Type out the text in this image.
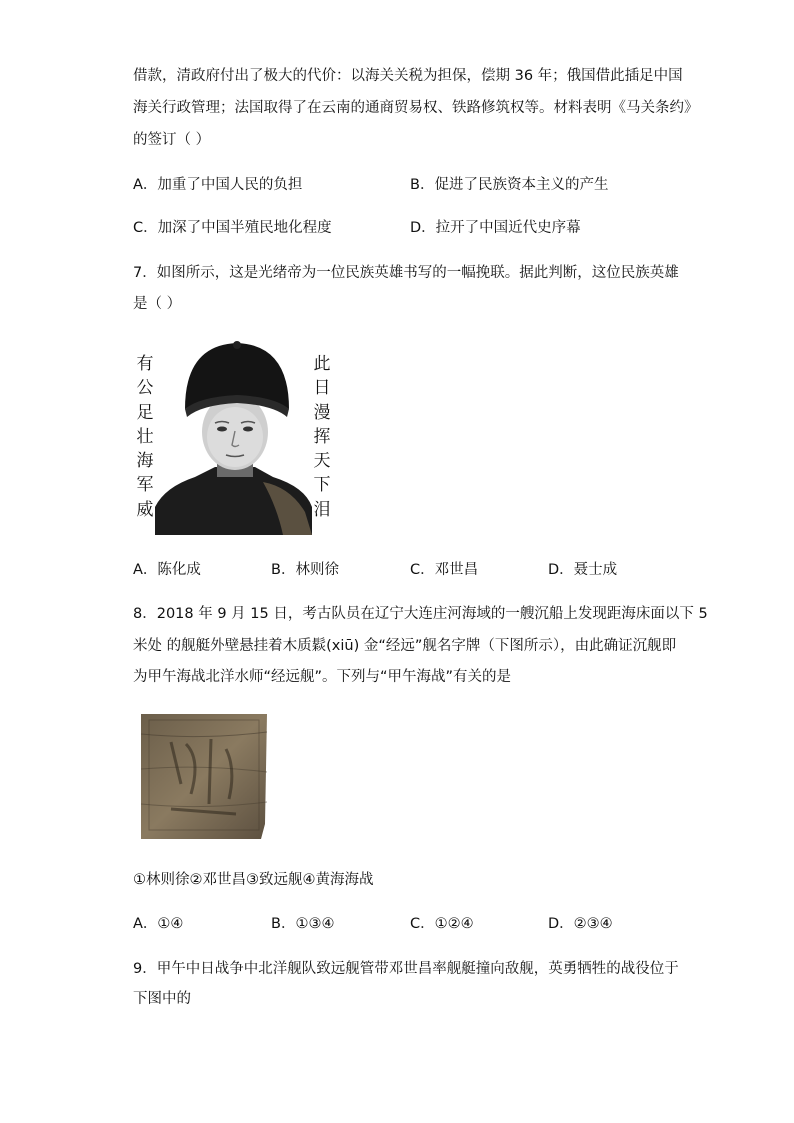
借款，清政府付出了极大的代价：以海关关税为担保，偿期 36 年；俄国借此插足中国
海关行政管理；法国取得了在云南的通商贸易权、铁路修筑权等。材料表明《马关条约》
的签订（ ）
A．加重了中国人民的负担	B．促进了民族资本主义的产生
C．加深了中国半殖民地化程度	D．拉开了中国近代史序幕
7．如图所示，这是光绪帝为一位民族英雄书写的一幅挽联。据此判断，这位民族英雄
是（ ）
有
公
足
壮
海
军
威
此
日
漫
挥
天
下
泪
A．陈化成	B．林则徐	C．邓世昌	D．聂士成
8．2018 年 9 月 15 日，考古队员在辽宁大连庄河海域的一艘沉船上发现距海床面以下 5
米处 的舰艇外壁悬挂着木质鬏(xiū) 金“经远”舰名字牌（下图所示），由此确证沉舰即
为甲午海战北洋水师“经远舰”。下列与“甲午海战”有关的是
①林则徐②邓世昌③致远舰④黄海海战
A．①④	B．①③④	C．①②④	D．②③④
9．甲午中日战争中北洋舰队致远舰管带邓世昌率舰艇撞向敌舰，英勇牺牲的战役位于
下图中的
